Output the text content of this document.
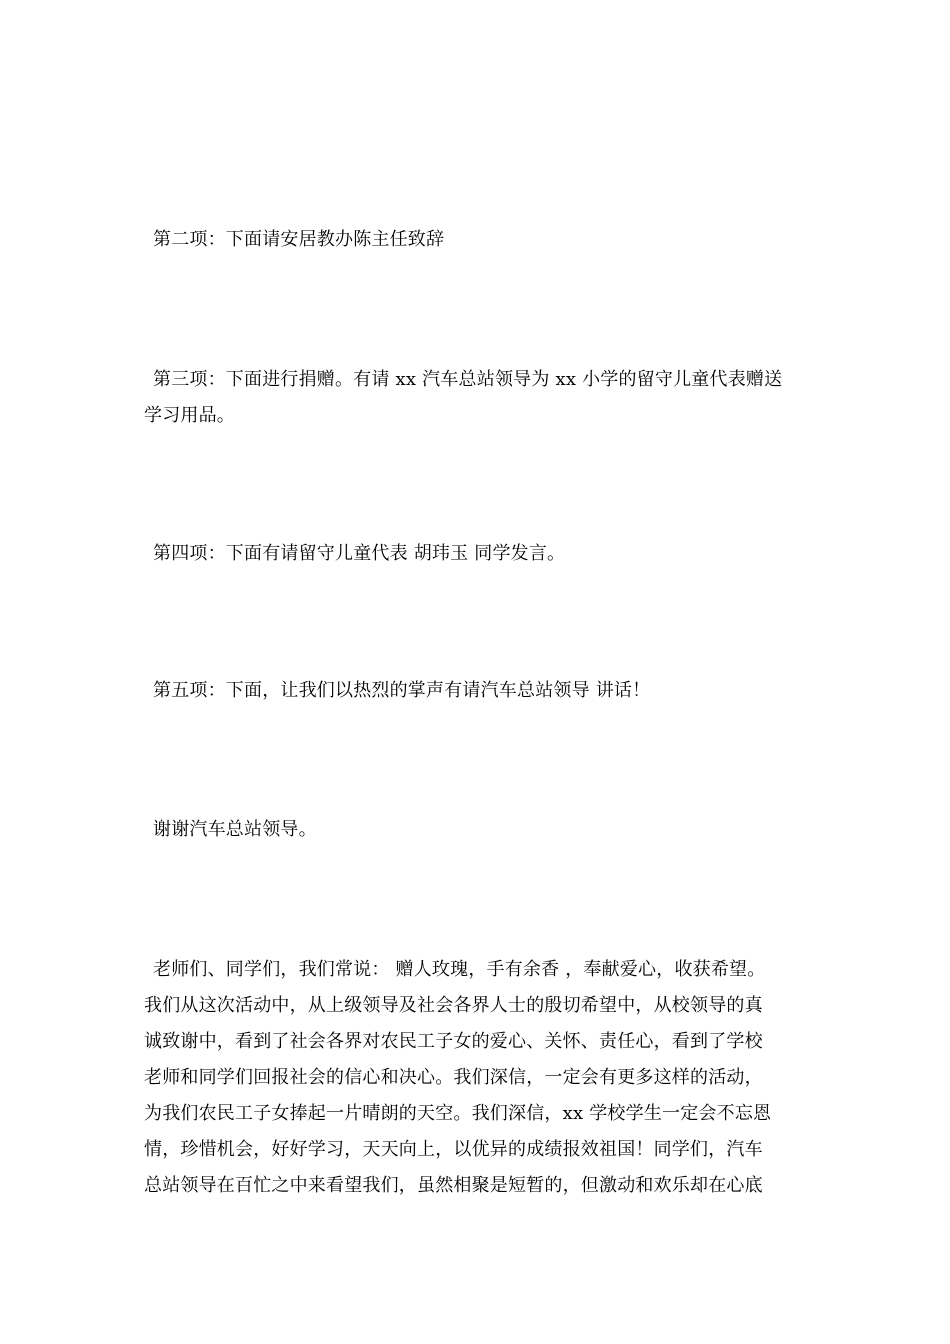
第二项：下面请安居教办陈主任致辞
第三项：下面进行捐赠。有请 xx 汽车总站领导为 xx 小学的留守儿童代表赠送
学习用品。
第四项：下面有请留守儿童代表 胡玮玉 同学发言。
第五项：下面，让我们以热烈的掌声有请汽车总站领导 讲话！
谢谢汽车总站领导。
老师们、同学们，我们常说： 赠人玫瑰，手有余香 ，奉献爱心，收获希望。
我们从这次活动中，从上级领导及社会各界人士的殷切希望中，从校领导的真
诚致谢中，看到了社会各界对农民工子女的爱心、关怀、责任心，看到了学校
老师和同学们回报社会的信心和决心。我们深信，一定会有更多这样的活动，
为我们农民工子女捧起一片晴朗的天空。我们深信，xx 学校学生一定会不忘恩
情，珍惜机会，好好学习，天天向上，以优异的成绩报效祖国！同学们，汽车
总站领导在百忙之中来看望我们，虽然相聚是短暂的，但激动和欢乐却在心底
